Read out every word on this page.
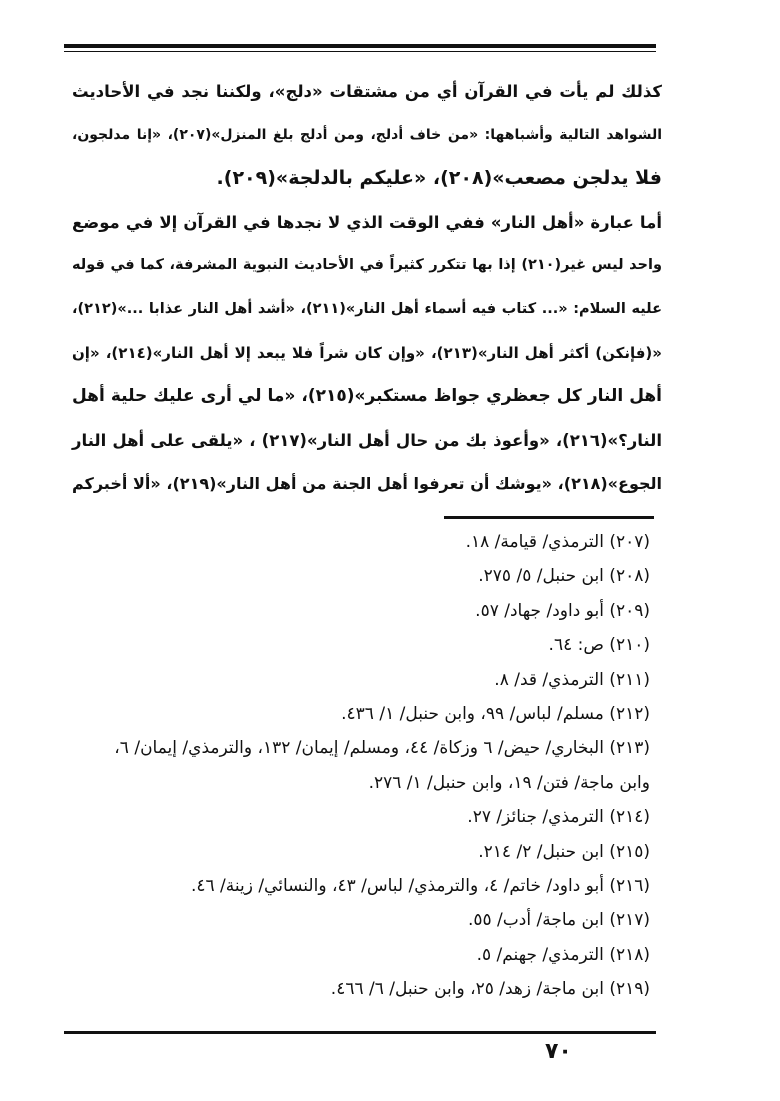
كذلك لم يأت في القرآن أي من مشتقات «دلج»، ولكننا نجد في الأحاديث
الشواهد التالية وأشباهها: «من خاف أدلج، ومن أدلج بلغ المنزل»(٢٠٧)، «إنا مدلجون،
فلا يدلجن مصعب»(٢٠٨)، «عليكم بالدلجة»(٢٠٩).
أما عبارة «أهل النار» ففي الوقت الذي لا نجدها في القرآن إلا في موضع
واحد ليس غير(٢١٠) إذا بها تتكرر كثيراً في الأحاديث النبوية المشرفة، كما في قوله
عليه السلام: «... كتاب فيه أسماء أهل النار»(٢١١)، «أشد أهل النار عذابا ...»(٢١٢)،
«(فإنكن) أكثر أهل النار»(٢١٣)، «وإن كان شراً فلا يبعد إلا أهل النار»(٢١٤)، «إن
أهل النار كل جعظري جواظ مستكبر»(٢١٥)، «ما لي أرى عليك حلية أهل
النار؟»(٢١٦)، «وأعوذ بك من حال أهل النار»(٢١٧) ، «يلقى على أهل النار
الجوع»(٢١٨)، «يوشك أن تعرفوا أهل الجنة من أهل النار»(٢١٩)، «ألا أخبركم
(٢٠٧) الترمذي/ قيامة/ ١٨.
(٢٠٨) ابن حنبل/ ٥/ ٢٧٥.
(٢٠٩) أبو داود/ جهاد/ ٥٧.
(٢١٠) ص: ٦٤.
(٢١١) الترمذي/ قد/ ٨.
(٢١٢) مسلم/ لباس/ ٩٩، وابن حنبل/ ١/ ٤٣٦.
(٢١٣) البخاري/ حيض/ ٦ وزكاة/ ٤٤، ومسلم/ إيمان/ ١٣٢، والترمذي/ إيمان/ ٦،
وابن ماجة/ فتن/ ١٩، وابن حنبل/ ١/ ٢٧٦.
(٢١٤) الترمذي/ جنائز/ ٢٧.
(٢١٥) ابن حنبل/ ٢/ ٢١٤.
(٢١٦) أبو داود/ خاتم/ ٤، والترمذي/ لباس/ ٤٣، والنسائي/ زينة/ ٤٦.
(٢١٧) ابن ماجة/ أدب/ ٥٥.
(٢١٨) الترمذي/ جهنم/ ٥.
(٢١٩) ابن ماجة/ زهد/ ٢٥، وابن حنبل/ ٦/ ٤٦٦.
٧٠
